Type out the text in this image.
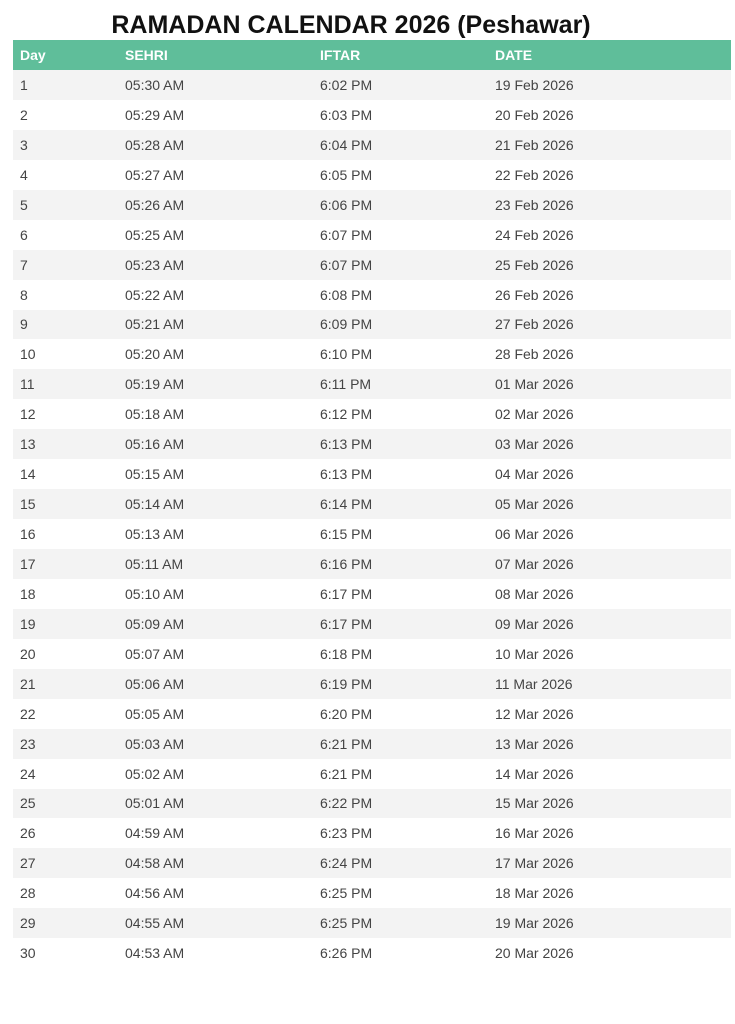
RAMADAN CALENDAR 2026 (Peshawar)
Day	SEHRI	IFTAR	DATE
1	05:30 AM	6:02 PM	19 Feb 2026
2	05:29 AM	6:03 PM	20 Feb 2026
3	05:28 AM	6:04 PM	21 Feb 2026
4	05:27 AM	6:05 PM	22 Feb 2026
5	05:26 AM	6:06 PM	23 Feb 2026
6	05:25 AM	6:07 PM	24 Feb 2026
7	05:23 AM	6:07 PM	25 Feb 2026
8	05:22 AM	6:08 PM	26 Feb 2026
9	05:21 AM	6:09 PM	27 Feb 2026
10	05:20 AM	6:10 PM	28 Feb 2026
11	05:19 AM	6:11 PM	01 Mar 2026
12	05:18 AM	6:12 PM	02 Mar 2026
13	05:16 AM	6:13 PM	03 Mar 2026
14	05:15 AM	6:13 PM	04 Mar 2026
15	05:14 AM	6:14 PM	05 Mar 2026
16	05:13 AM	6:15 PM	06 Mar 2026
17	05:11 AM	6:16 PM	07 Mar 2026
18	05:10 AM	6:17 PM	08 Mar 2026
19	05:09 AM	6:17 PM	09 Mar 2026
20	05:07 AM	6:18 PM	10 Mar 2026
21	05:06 AM	6:19 PM	11 Mar 2026
22	05:05 AM	6:20 PM	12 Mar 2026
23	05:03 AM	6:21 PM	13 Mar 2026
24	05:02 AM	6:21 PM	14 Mar 2026
25	05:01 AM	6:22 PM	15 Mar 2026
26	04:59 AM	6:23 PM	16 Mar 2026
27	04:58 AM	6:24 PM	17 Mar 2026
28	04:56 AM	6:25 PM	18 Mar 2026
29	04:55 AM	6:25 PM	19 Mar 2026
30	04:53 AM	6:26 PM	20 Mar 2026
